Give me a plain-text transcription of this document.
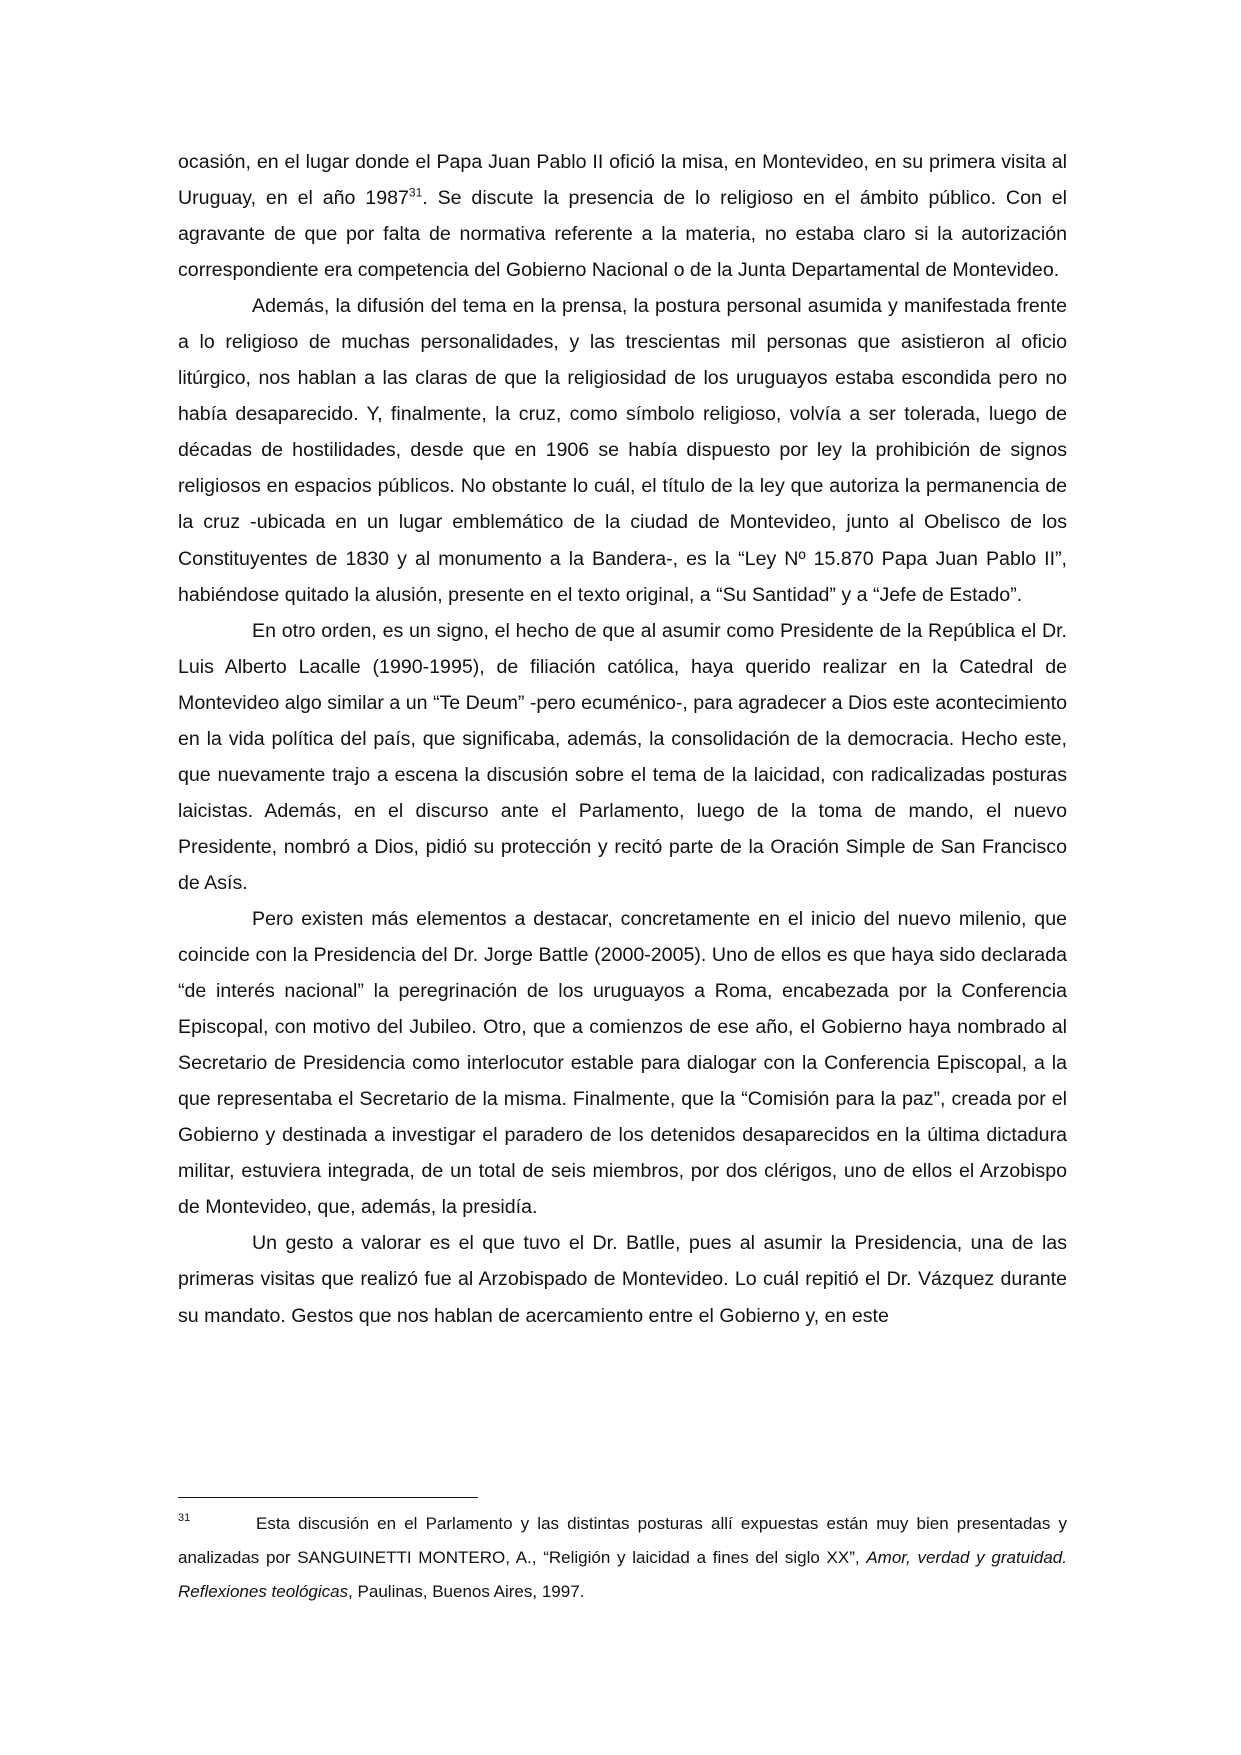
ocasión, en el lugar donde el Papa Juan Pablo II ofició la misa, en Montevideo, en su primera visita al Uruguay, en el año 1987$^{31}$. Se discute la presencia de lo religioso en el ámbito público. Con el agravante de que por falta de normativa referente a la materia, no estaba claro si la autorización correspondiente era competencia del Gobierno Nacional o de la Junta Departamental de Montevideo.

Además, la difusión del tema en la prensa, la postura personal asumida y manifestada frente a lo religioso de muchas personalidades, y las trescientas mil personas que asistieron al oficio litúrgico, nos hablan a las claras de que la religiosidad de los uruguayos estaba escondida pero no había desaparecido. Y, finalmente, la cruz, como símbolo religioso, volvía a ser tolerada, luego de décadas de hostilidades, desde que en 1906 se había dispuesto por ley la prohibición de signos religiosos en espacios públicos. No obstante lo cuál, el título de la ley que autoriza la permanencia de la cruz -ubicada en un lugar emblemático de la ciudad de Montevideo, junto al Obelisco de los Constituyentes de 1830 y al monumento a la Bandera-, es la “Ley Nº 15.870 Papa Juan Pablo II”, habiéndose quitado la alusión, presente en el texto original, a “Su Santidad” y a “Jefe de Estado”.

En otro orden, es un signo, el hecho de que al asumir como Presidente de la República el Dr. Luis Alberto Lacalle (1990-1995), de filiación católica, haya querido realizar en la Catedral de Montevideo algo similar a un “Te Deum” -pero ecuménico-, para agradecer a Dios este acontecimiento en la vida política del país, que significaba, además, la consolidación de la democracia. Hecho este, que nuevamente trajo a escena la discusión sobre el tema de la laicidad, con radicalizadas posturas laicistas. Además, en el discurso ante el Parlamento, luego de la toma de mando, el nuevo Presidente, nombró a Dios, pidió su protección y recitó parte de la Oración Simple de San Francisco de Asís.

Pero existen más elementos a destacar, concretamente en el inicio del nuevo milenio, que coincide con la Presidencia del Dr. Jorge Battle (2000-2005). Uno de ellos es que haya sido declarada “de interés nacional” la peregrinación de los uruguayos a Roma, encabezada por la Conferencia Episcopal, con motivo del Jubileo. Otro, que a comienzos de ese año, el Gobierno haya nombrado al Secretario de Presidencia como interlocutor estable para dialogar con la Conferencia Episcopal, a la que representaba el Secretario de la misma. Finalmente, que la “Comisión para la paz”, creada por el Gobierno y destinada a investigar el paradero de los detenidos desaparecidos en la última dictadura militar, estuviera integrada, de un total de seis miembros, por dos clérigos, uno de ellos el Arzobispo de Montevideo, que, además, la presidía.

Un gesto a valorar es el que tuvo el Dr. Batlle, pues al asumir la Presidencia, una de las primeras visitas que realizó fue al Arzobispado de Montevideo. Lo cuál repitió el Dr. Vázquez durante su mandato. Gestos que nos hablan de acercamiento entre el Gobierno y, en este

31	Esta discusión en el Parlamento y las distintas posturas allí expuestas están muy bien presentadas y analizadas por SANGUINETTI MONTERO, A., “Religión y laicidad a fines del siglo XX”, Amor, verdad y gratuidad. Reflexiones teológicas, Paulinas, Buenos Aires, 1997.
